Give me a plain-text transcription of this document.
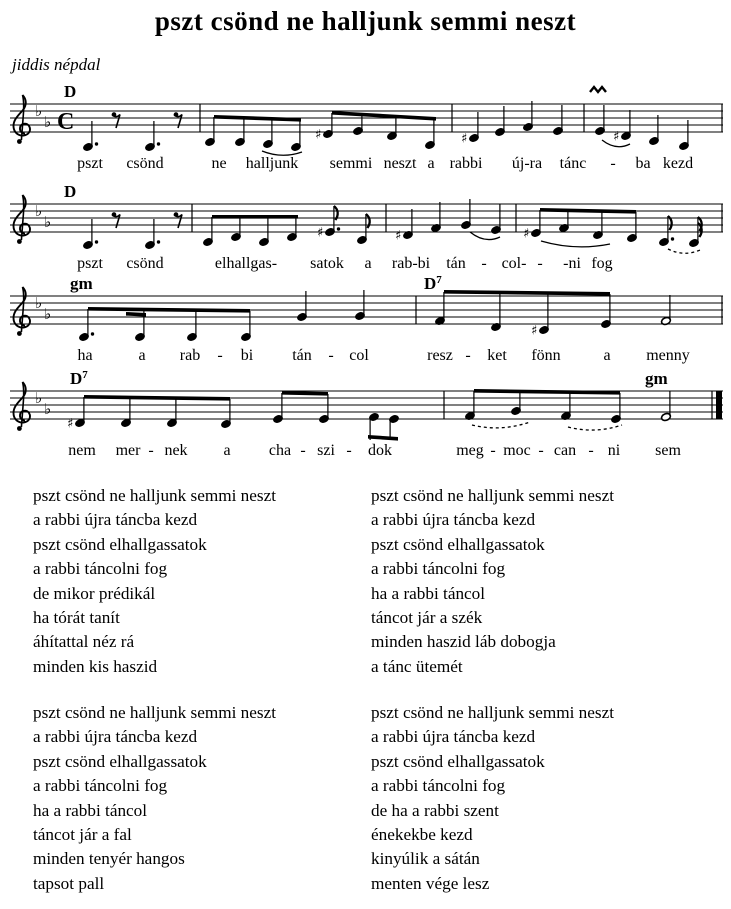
pszt csönd ne halljunk semmi neszt
jiddis népdal
♭
♭ C
D
♯	♯	♯
pszt csönd	ne halljunk semmi neszt a rabbi új-ra tánc - ba kezd
♭
♭
D
♯	♯	♯
pszt csönd	elhallgas- satok a rab-bi tán - col- - -ni fog
♭
♭
gm	$D^7$
♯
ha	a rab - bi tán - col	resz - ket fönn	a menny
♭
♭
$D^7$	gm
♯
nem mer - nek a cha - szi - dok	meg - moc - can - ni sem
pszt csönd ne halljunk semmi neszt
a rabbi újra táncba kezd
pszt csönd elhallgassatok
a rabbi táncolni fog
de mikor prédikál
ha tórát tanít
áhítattal néz rá
minden kis haszid
pszt csönd ne halljunk semmi neszt
a rabbi újra táncba kezd
pszt csönd elhallgassatok
a rabbi táncolni fog
ha a rabbi táncol
táncot jár a szék
minden haszid láb dobogja
a tánc ütemét
pszt csönd ne halljunk semmi neszt
a rabbi újra táncba kezd
pszt csönd elhallgassatok
a rabbi táncolni fog
ha a rabbi táncol
táncot jár a fal
minden tenyér hangos
tapsot pall
pszt csönd ne halljunk semmi neszt
a rabbi újra táncba kezd
pszt csönd elhallgassatok
a rabbi táncolni fog
de ha a rabbi szent
énekekbe kezd
kinyúlik a sátán
menten vége lesz
